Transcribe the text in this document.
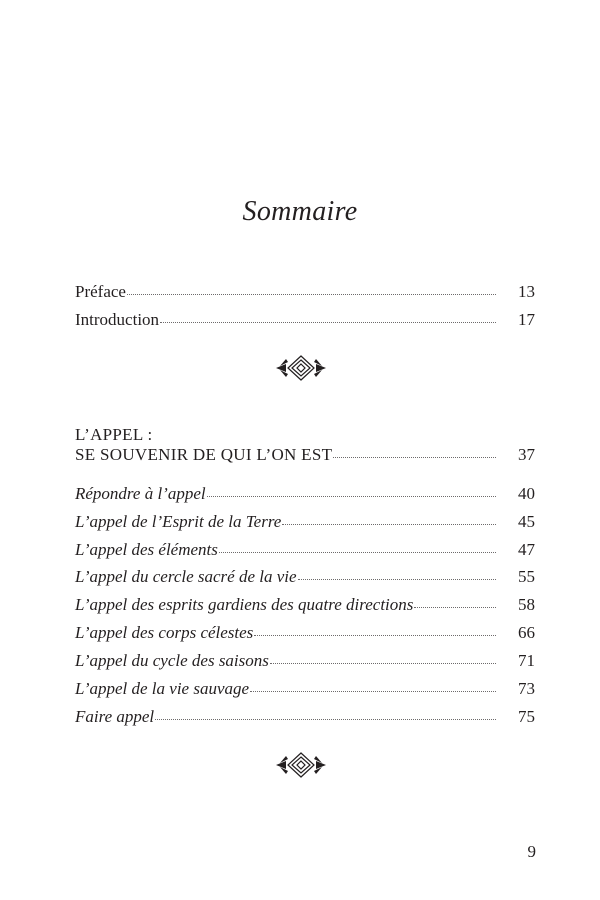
Sommaire
Préface	13
Introduction	17
L’APPEL :
SE SOUVENIR DE QUI L’ON EST	37
Répondre à l’appel	40
L’appel de l’Esprit de la Terre	45
L’appel des éléments	47
L’appel du cercle sacré de la vie	55
L’appel des esprits gardiens des quatre directions	58
L’appel des corps célestes	66
L’appel du cycle des saisons	71
L’appel de la vie sauvage	73
Faire appel	75
9
